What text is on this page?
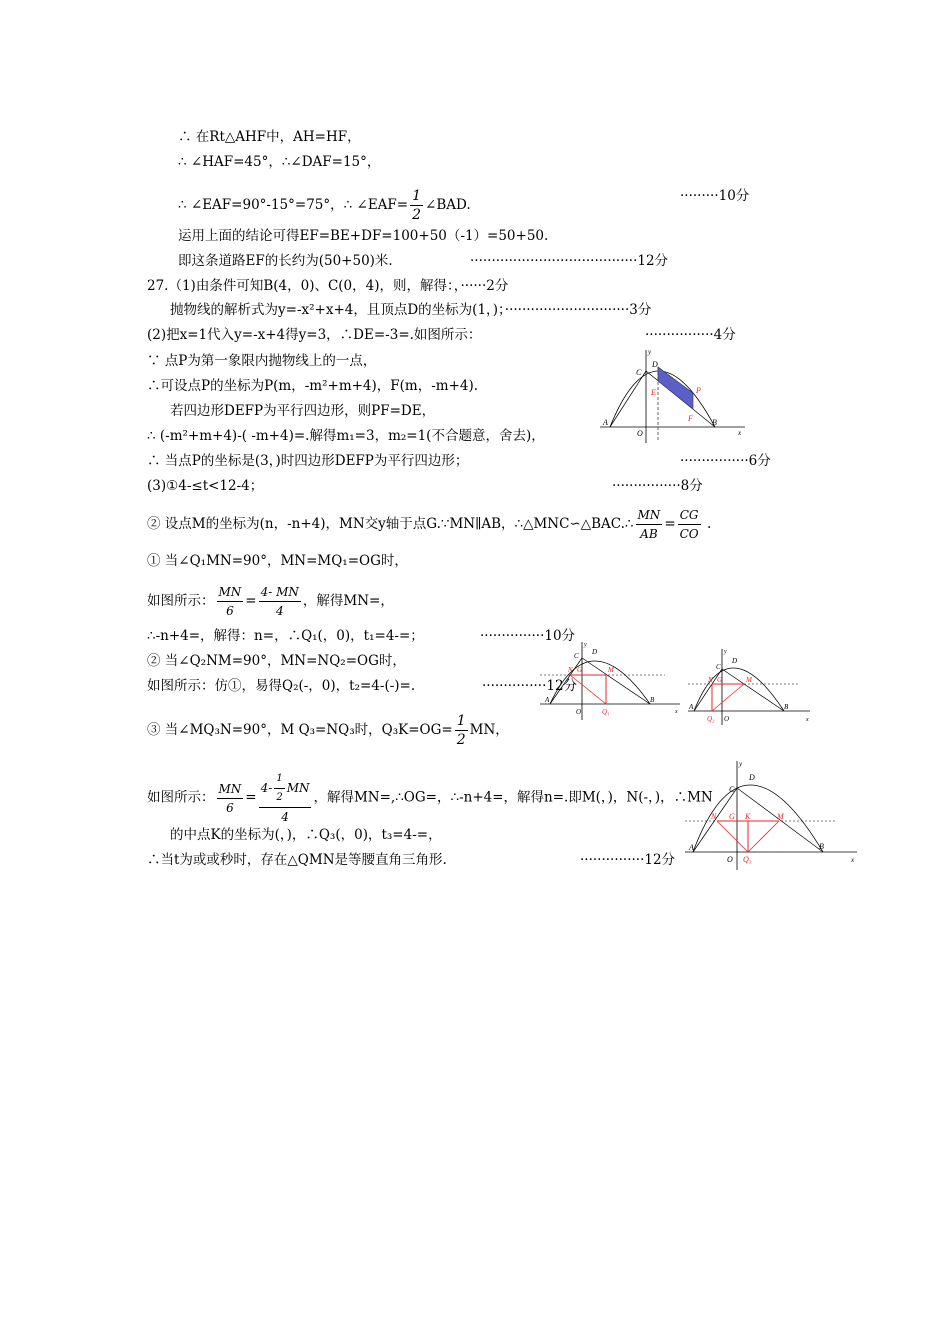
∴ 在Rt△AHF中，AH=HF，
∴ ∠HAF=45°，∴∠DAF=15°，
∴ ∠EAF=90°-15°=75°，∴ ∠EAF= $\frac{1}{2}$ ∠BAD.
·········10分
运用上面的结论可得EF=BE+DF=100+50（-1）=50+50.
即这条道路EF的长约为(50+50)米.	·······································12分
27.（1)由条件可知B(4，0)、C(0，4)，则，解得：，······2分
抛物线的解析式为y=-x²+x+4，且顶点D的坐标为(1，)；·····························3分
(2)把x=1代入y=-x+4得y=3，∴DE=-3=.如图所示：	················4分
∵ 点P为第一象限内抛物线上的一点，
∴可设点P的坐标为P(m，-m²+m+4)，F(m，-m+4).
若四边形DEFP为平行四边形，则PF=DE，
∴ (-m²+m+4)-( -m+4)=.解得m₁=3，m₂=1(不合题意，舍去)，
∴ 当点P的坐标是(3，)时四边形DEFP为平行四边形；	················6分
(3)①4-≤t<12-4；	················8分
② 设点M的坐标为(n，-n+4)，MN交y轴于点G.∵MN∥AB，∴△MNC∽△BAC.∴ $\frac{MN}{AB} = \frac{CG}{CO}$ .
① 当∠Q₁MN=90°，MN=MQ₁=OG时，
如图所示： $\frac{MN}{6} = \frac{4- MN}{4}$ ，解得MN=，
∴-n+4=，解得：n=，∴Q₁(，0)，t₁=4-=；	···············10分
② 当∠Q₂NM=90°，MN=NQ₂=OG时，
如图所示：仿①，易得Q₂(-，0)，t₂=4-(-)=.	···············12分
③ 当∠MQ₃N=90°，M Q₃=NQ₃时，$Q_3K=OG= \frac{1}{2}$ MN，
如图所示： $\frac{MN}{6} = \frac{4- \frac{1}{2} MN}{4}$ ，解得MN=,∴OG=，∴-n+4=，解得n=.即M(，)，N(-，)，∴MN
的中点K的坐标为(，)，∴Q₃(，0)，t₃=4-=，
∴当t为或或秒时，存在△QMN是等腰直角三角形.	···············12分
D
C
E	P
F
A
O
B
x
y
D
C
N G	M
A
O	Q₁
B
x
y
D
C
N G	M
A
O
Q₂
B
x
y
D
C
N G K	M
A
O Q₃
B
x
y
